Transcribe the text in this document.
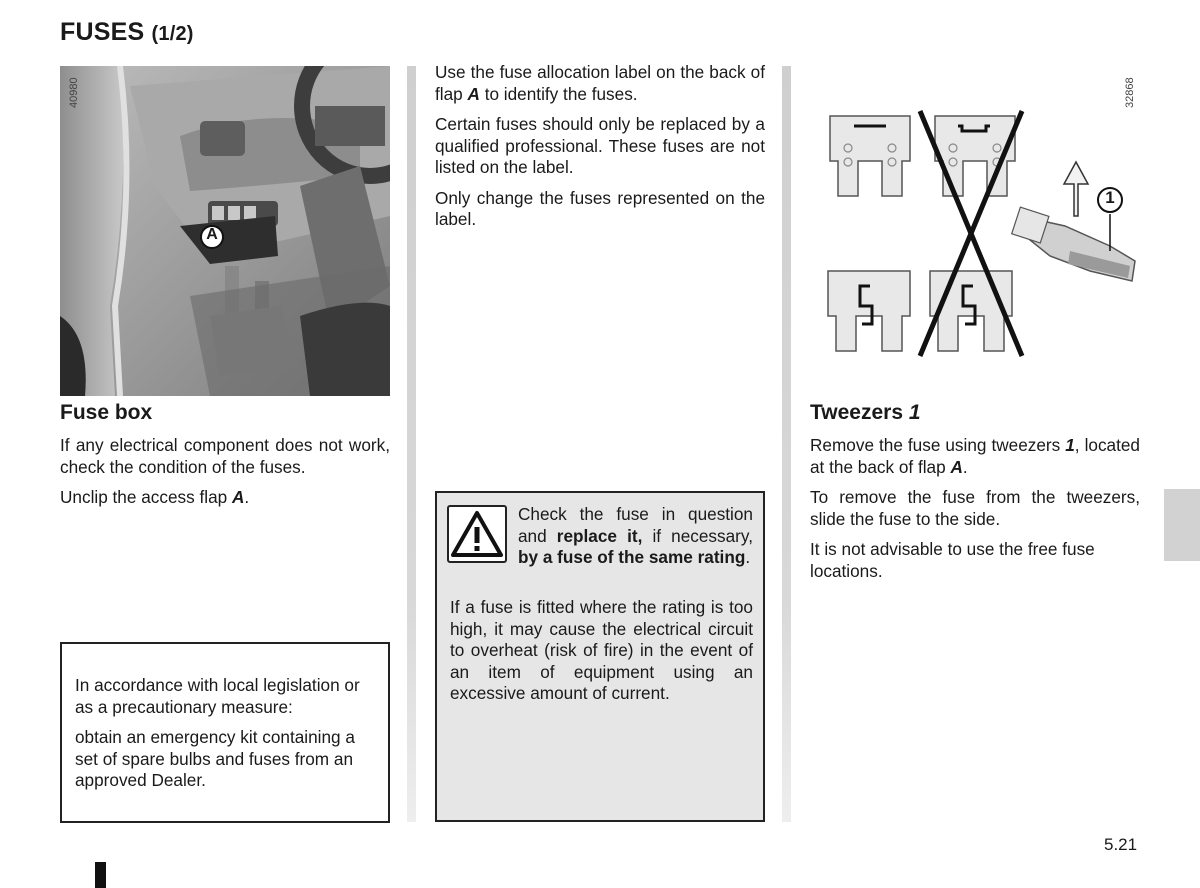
FUSES (1/2)
A
40980
Fuse box

If any electrical component does not work, check the condition of the fuses.

Unclip the access flap A.

In accordance with local legislation or as a precautionary measure:

obtain an emergency kit containing a set of spare bulbs and fuses from an approved Dealer.

Use the fuse allocation label on the back of flap A to identify the fuses.

Certain fuses should only be replaced by a qualified professional. These fuses are not listed on the label.

Only change the fuses represented on the label.

Check the fuse in question and replace it, if necessary, by a fuse of the same rating.

If a fuse is fitted where the rating is too high, it may cause the electrical circuit to overheat (risk of fire) in the event of an item of equipment using an excessive amount of current.

1
32868
Tweezers 1

Remove the fuse using tweezers 1, located at the back of flap A.

To remove the fuse from the tweezers, slide the fuse to the side.

It is not advisable to use the free fuse locations.

5.21
